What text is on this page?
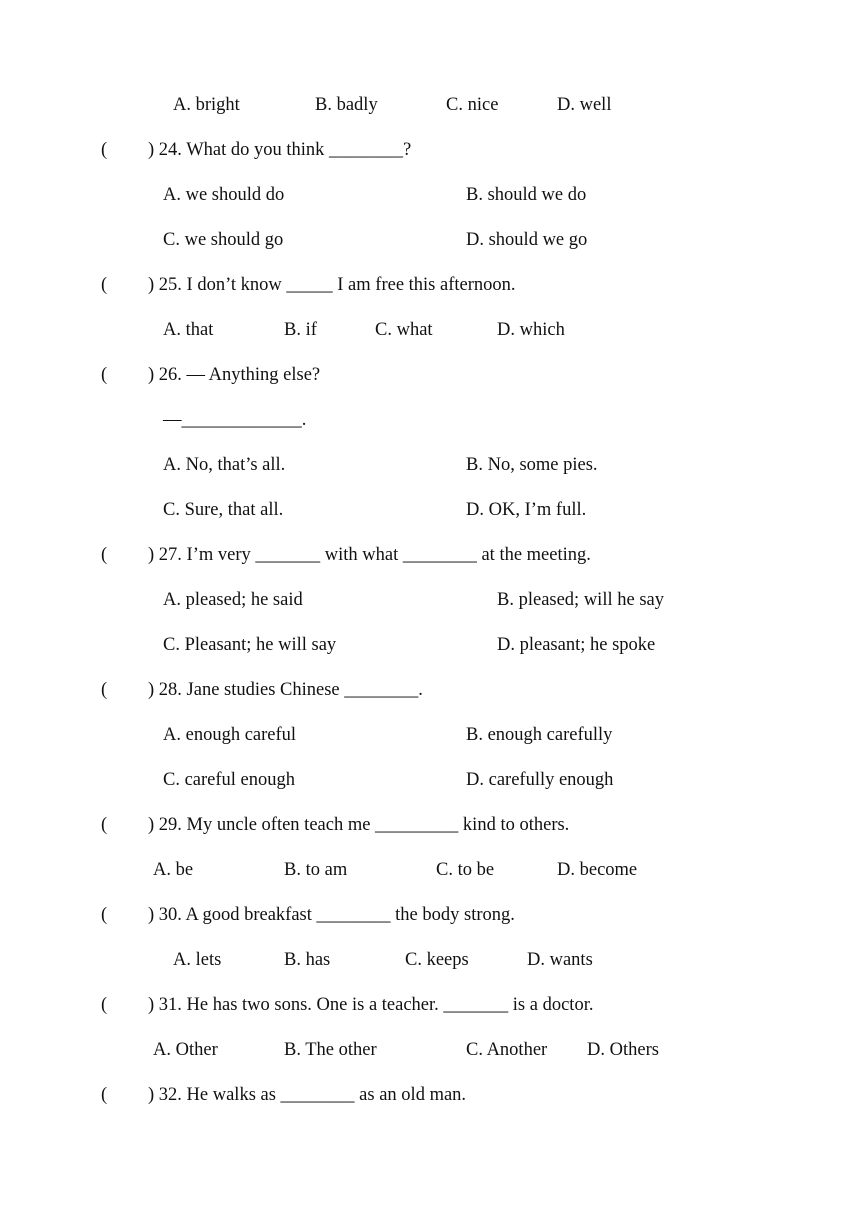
A. bright	B. badly	C. nice	D. well
( ) 24. What do you think ________?
A. we should do	B. should we do
C. we should go	D. should we go
( ) 25. I don’t know _____ I am free this afternoon.
A. that	B. if	C. what	D. which
( ) 26. — Anything else?
—_____________.
A. No, that’s all.	B. No, some pies.
C. Sure, that all.	D. OK, I’m full.
( ) 27. I’m very _______ with what ________ at the meeting.
A. pleased; he said	B. pleased; will he say
C. Pleasant; he will say	D. pleasant; he spoke
( ) 28. Jane studies Chinese ________.
A. enough careful	B. enough carefully
C. careful enough	D. carefully enough
( ) 29. My uncle often teach me _________ kind to others.
A. be	B. to am	C. to be	D. become
( ) 30. A good breakfast ________ the body strong.
A. lets	B. has	C. keeps	D. wants
( ) 31. He has two sons. One is a teacher. _______ is a doctor.
A. Other	B. The other	C. Another D. Others
( ) 32. He walks as ________ as an old man.
